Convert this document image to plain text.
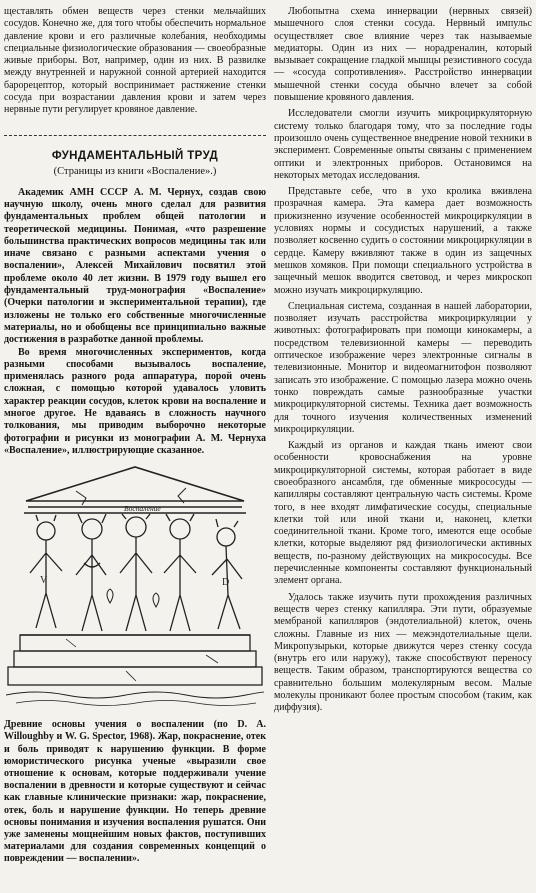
щеставлять обмен веществ через стенки мельчайших сосудов. Конечно же, для того чтобы обеспечить нормальное давление крови и его различные колебания, необходимы специальные физиологические образования — своеобразные живые приборы. Вот, например, один из них. В развилке между внутренней и наружной сонной артерией находится барорецептор, который воспринимает растяжение стенки сосуда при возрастании давления крови и затем через нервные пути регулирует кровяное давление.

ФУНДАМЕНТАЛЬНЫЙ ТРУД
(Страницы из книги «Воспаление».)

Академик АМН СССР А. М. Чернух, создав свою научную школу, очень много сделал для развития фундаментальных проблем общей патологии и теоретической медицины. Понимая, «что разрешение большинства практических вопросов медицины так или иначе связано с разными аспектами учения о воспалении», Алексей Михайлович посвятил этой проблеме около 40 лет жизни. В 1979 году вышел его фундаментальный труд-монография «Воспаление» (Очерки патологии и экспериментальной терапии), где изложены не только его собственные многочисленные материалы, но и обобщены все принципиально важные достижения в разработке данной проблемы.

Во время многочисленных экспериментов, когда разными способами вызывалось воспаление, применялась разного рода аппаратура, порой очень сложная, с помощью которой удавалось уловить характер реакции сосудов, клеток крови на воспаление и многое другое. Не вдаваясь в сложность научного толкования, мы приводим выборочно некоторые фотографии и рисунки из монографии А. М. Чернуха «Воспаление», иллюстрирующие сказанное.

Воспаление
V	D

Древние основы учения о воспалении (по D. A. Willoughby и W. G. Spector, 1968). Жар, покраснение, отек и боль приводят к нарушению функции. В форме юмористического рисунка ученые «выразили свое отношение к основам, которые поддерживали учение воспалении в древности и которые существуют и сейчас как главные клинические признаки: жар, покраснение, отек, боль и нарушение функции. Но теперь древние основы понимания и изучения воспаления рушатся. Они уже заменены мощнейшим новых фактов, поступивших материалами для создания современных концепций о повреждении — воспалении».

Любопытна схема иннервации (нервных связей) мышечного слоя стенки сосуда. Нервный импульс осуществляет свое влияние через так называемые медиаторы. Один из них — норадреналин, который вызывает сокращение гладкой мышцы резистивного сосуда — «сосуда сопротивления». Расстройство иннервации мышечной стенки сосуда обычно влечет за собой повышение кровяного давления.

Исследователи смогли изучить микроциркуляторную систему только благодаря тому, что за последние годы произошло очень существенное внедрение новой техники в эксперимент. Современные опыты связаны с применением оптики и электронных приборов. Остановимся на некоторых методах исследования.

Представьте себе, что в ухо кролика вживлена прозрачная камера. Эта камера дает возможность прижизненно изучение особенностей микроциркуляции в условиях нормы и сосудистых нарушений, а также позволяет косвенно судить о состоянии микроциркуляции в сердце. Камеру вживляют также в один из защечных мешков хомяков. При помощи специального устройства в защечный мешок вводится световод, и через микроскоп можно изучать микроциркуляцию.

Специальная система, созданная в нашей лаборатории, позволяет изучать расстройства микроциркуляции у животных: фотографировать при помощи кинокамеры, а посредством телевизионной камеры — переводить оптическое изображение через электронные сигналы в телевизионные. Монитор и видеомагнитофон позволяют записать это изображение. С помощью лазера можно очень тонко повреждать самые разнообразные участки микроциркуляторной системы. Техника дает возможность для точного изучения количественных изменений микроциркуляции.

Каждый из органов и каждая ткань имеют свои особенности кровоснабжения на уровне микроциркуляторной системы, которая работает в виде своеобразного ансамбля, где обменные микрососуды — капилляры составляют центральную часть системы. Кроме того, в нее входят лимфатические сосуды, специальные клетки той или иной ткани и, наконец, клетки соединительной ткани. Кроме того, имеются еще особые клетки, которые выделяют ряд физиологически активных веществ, по-разному действующих на микрососуды. Все перечисленные компоненты составляют функциональный элемент органа.

Удалось также изучить пути прохождения различных веществ через стенку капилляра. Эти пути, образуемые мембраной капилляров (эндотелиальной) клеток, очень сложны. Главные из них — межэндотелиальные щели. Микропузырьки, которые движутся через стенку сосуда (внутрь его или наружу), также способствуют переносу веществ. Таким образом, транспортируются вещества со сравнительно большим молекулярным весом. Малые молекулы проникают более простым способом (таким, как диффузия).
